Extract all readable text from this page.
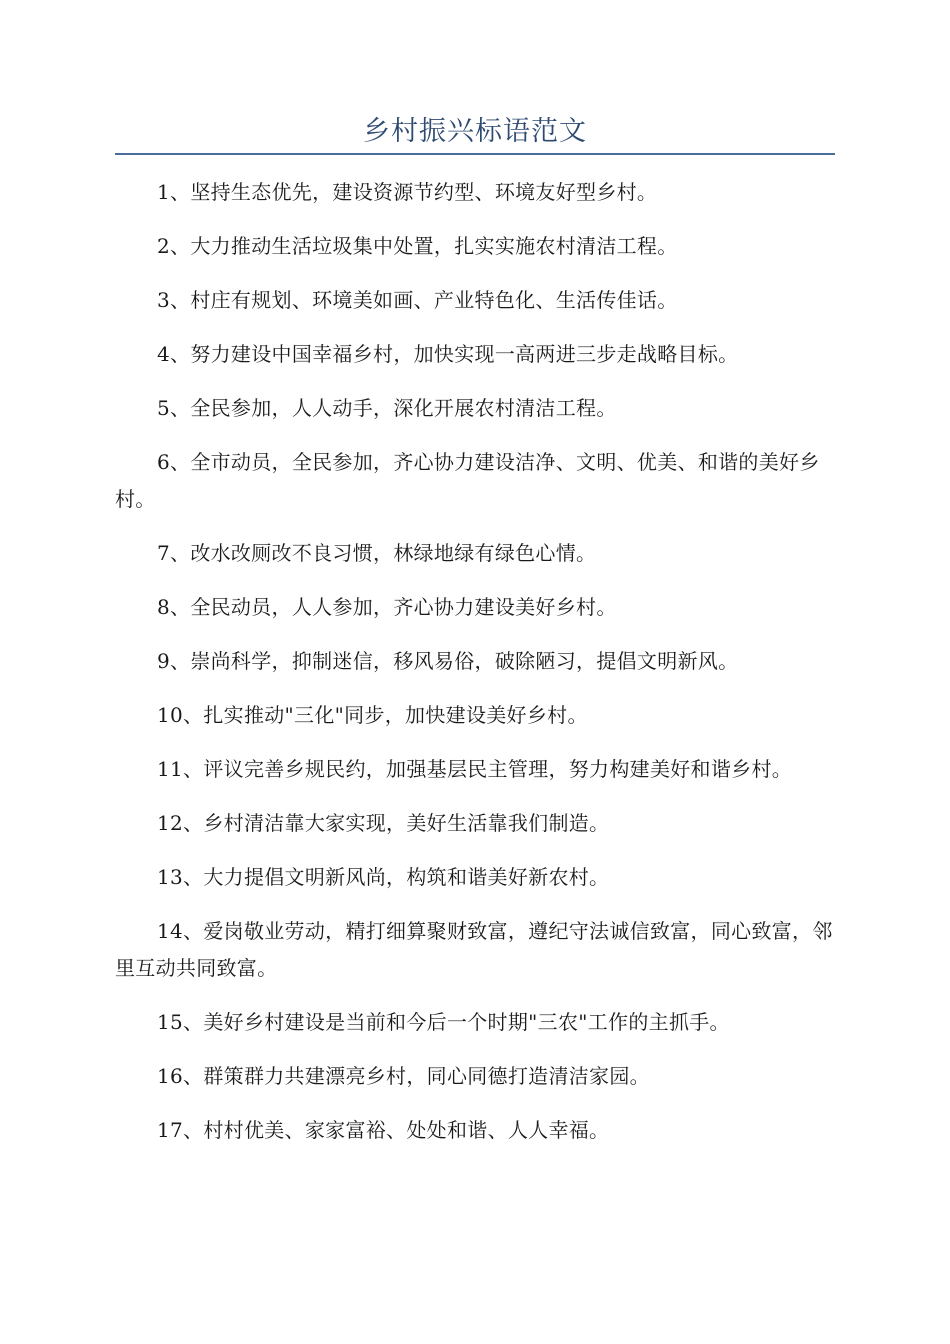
乡村振兴标语范文

1、坚持生态优先，建设资源节约型、环境友好型乡村。

2、大力推动生活垃圾集中处置，扎实实施农村清洁工程。

3、村庄有规划、环境美如画、产业特色化、生活传佳话。

4、努力建设中国幸福乡村，加快实现一高两进三步走战略目标。

5、全民参加，人人动手，深化开展农村清洁工程。

6、全市动员，全民参加，齐心协力建设洁净、文明、优美、和谐的美好乡村。

7、改水改厕改不良习惯，林绿地绿有绿色心情。

8、全民动员，人人参加，齐心协力建设美好乡村。

9、崇尚科学，抑制迷信，移风易俗，破除陋习，提倡文明新风。

10、扎实推动"三化"同步，加快建设美好乡村。

11、评议完善乡规民约，加强基层民主管理，努力构建美好和谐乡村。

12、乡村清洁靠大家实现，美好生活靠我们制造。

13、大力提倡文明新风尚，构筑和谐美好新农村。

14、爱岗敬业劳动，精打细算聚财致富，遵纪守法诚信致富，同心致富，邻里互动共同致富。

15、美好乡村建设是当前和今后一个时期"三农"工作的主抓手。

16、群策群力共建漂亮乡村，同心同德打造清洁家园。

17、村村优美、家家富裕、处处和谐、人人幸福。
